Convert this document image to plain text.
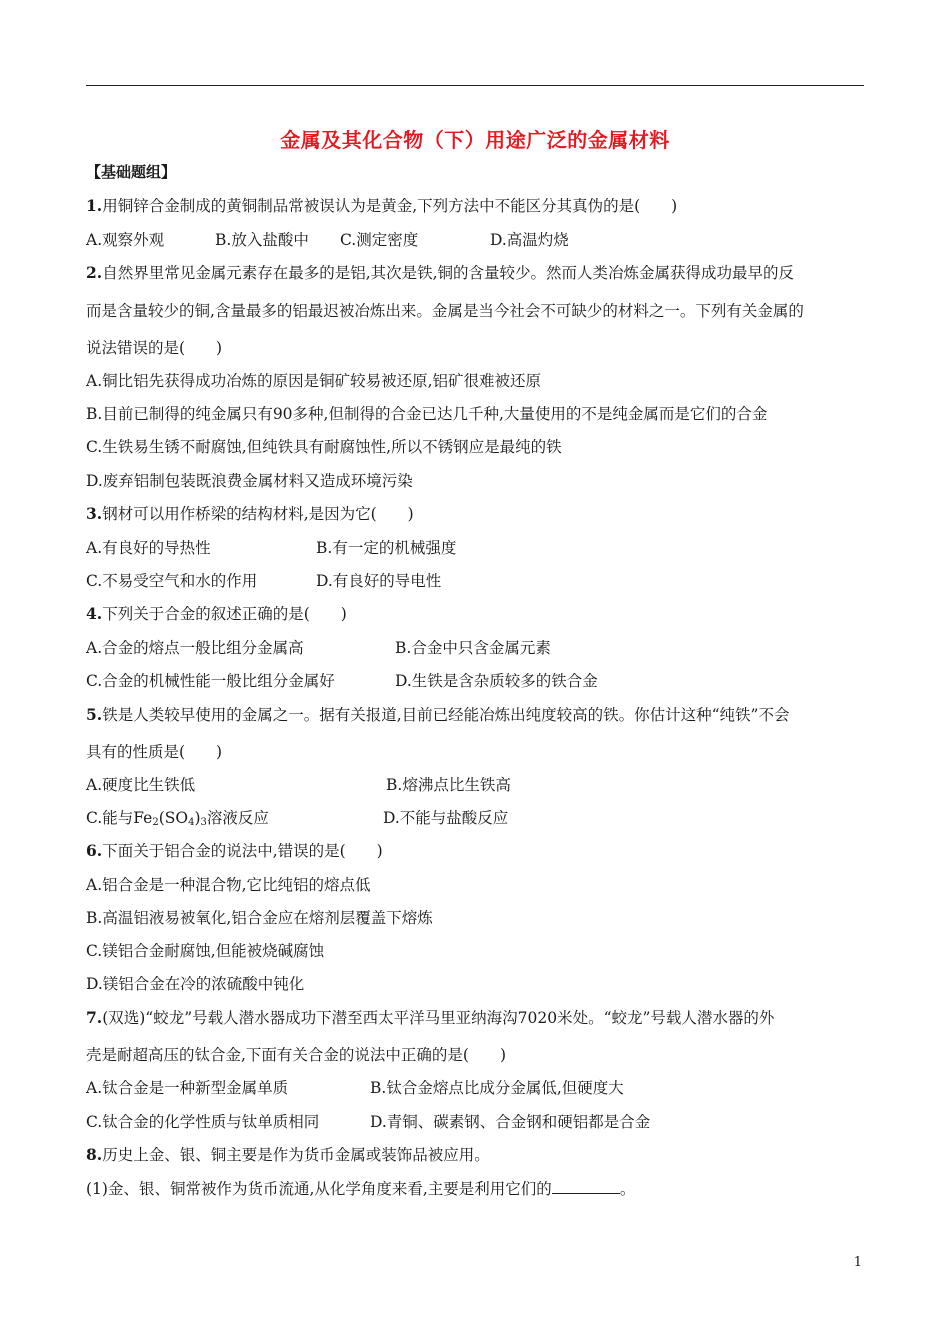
金属及其化合物（下）用途广泛的金属材料
【基础题组】
1.用铜锌合金制成的黄铜制品常被误认为是黄金,下列方法中不能区分其真伪的是(　　)
A.观察外观	B.放入盐酸中 C.测定密度	D.高温灼烧
2.自然界里常见金属元素存在最多的是铝,其次是铁,铜的含量较少。然而人类冶炼金属获得成功最早的反
而是含量较少的铜,含量最多的铝最迟被冶炼出来。金属是当今社会不可缺少的材料之一。下列有关金属的
说法错误的是(　　)
A.铜比铝先获得成功冶炼的原因是铜矿较易被还原,铝矿很难被还原
B.目前已制得的纯金属只有90多种,但制得的合金已达几千种,大量使用的不是纯金属而是它们的合金
C.生铁易生锈不耐腐蚀,但纯铁具有耐腐蚀性,所以不锈钢应是最纯的铁
D.废弃铝制包装既浪费金属材料又造成环境污染
3.钢材可以用作桥梁的结构材料,是因为它(　　)
A.有良好的导热性	B.有一定的机械强度
C.不易受空气和水的作用	D.有良好的导电性
4.下列关于合金的叙述正确的是(　　)
A.合金的熔点一般比组分金属高	B.合金中只含金属元素
C.合金的机械性能一般比组分金属好	D.生铁是含杂质较多的铁合金
5.铁是人类较早使用的金属之一。据有关报道,目前已经能冶炼出纯度较高的铁。你估计这种“纯铁”不会
具有的性质是(　　)
A.硬度比生铁低	B.熔沸点比生铁高
C.能与$Fe_2(SO_4)_3$溶液反应	D.不能与盐酸反应
6.下面关于铝合金的说法中,错误的是(　　)
A.铝合金是一种混合物,它比纯铝的熔点低
B.高温铝液易被氧化,铝合金应在熔剂层覆盖下熔炼
C.镁铝合金耐腐蚀,但能被烧碱腐蚀
D.镁铝合金在冷的浓硫酸中钝化
7.(双选)“蛟龙”号载人潜水器成功下潜至西太平洋马里亚纳海沟7020米处。“蛟龙”号载人潜水器的外
壳是耐超高压的钛合金,下面有关合金的说法中正确的是(　　)
A.钛合金是一种新型金属单质	B.钛合金熔点比成分金属低,但硬度大
C.钛合金的化学性质与钛单质相同	D.青铜、碳素钢、合金钢和硬铝都是合金
8.历史上金、银、铜主要是作为货币金属或装饰品被应用。
(1)金、银、铜常被作为货币流通,从化学角度来看,主要是利用它们的	。
1
